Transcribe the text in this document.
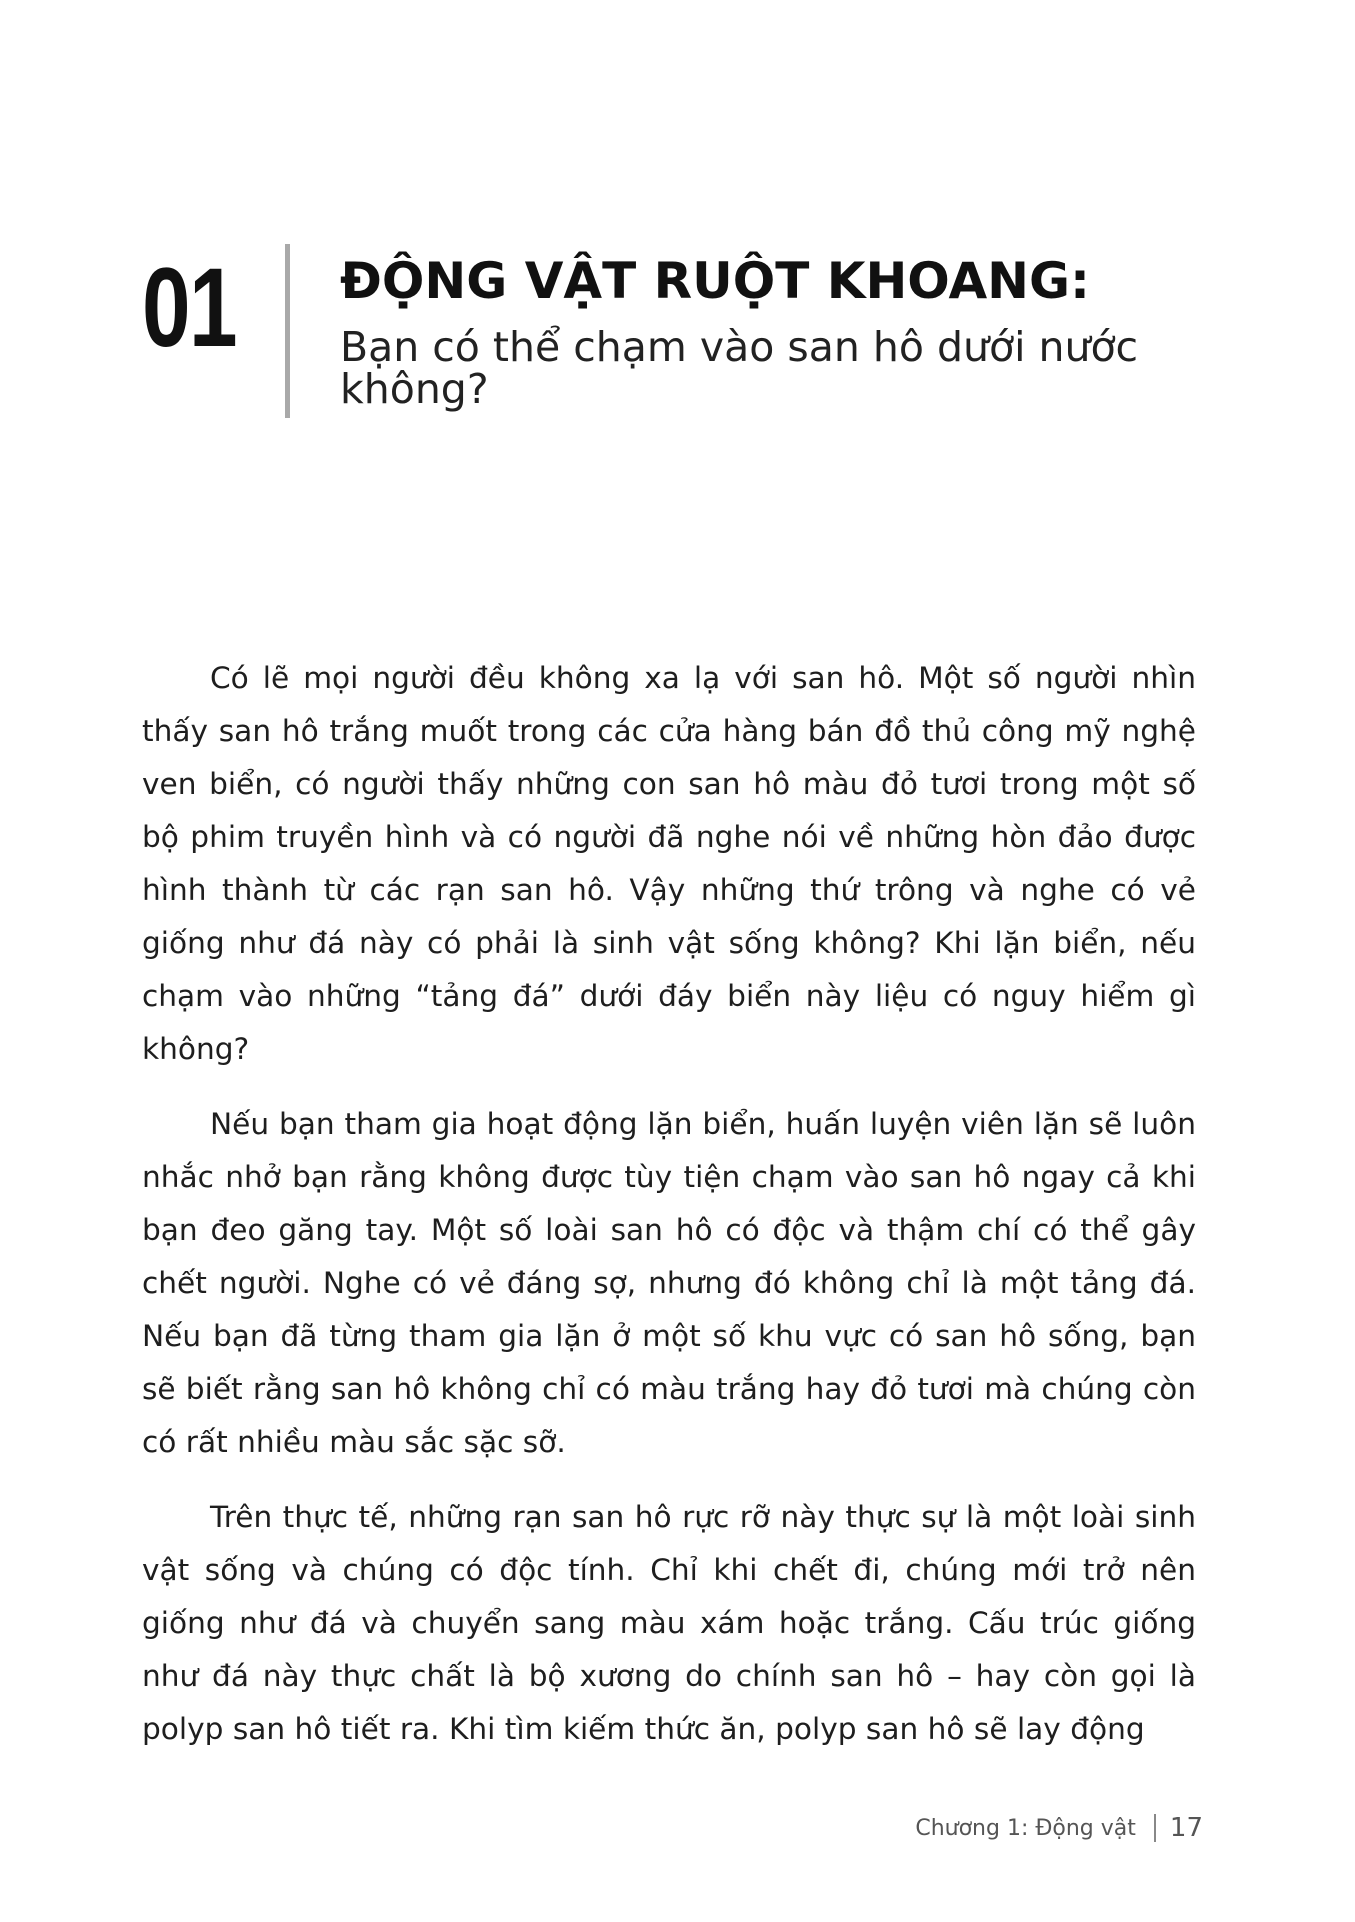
01 ĐỘNG VẬT RUỘT KHOANG:

Bạn có thể chạm vào san hô dưới nước không?

Có lẽ mọi người đều không xa lạ với san hô. Một số người nhìn thấy san hô trắng muốt trong các cửa hàng bán đồ thủ công mỹ nghệ ven biển, có người thấy những con san hô màu đỏ tươi trong một số bộ phim truyền hình và có người đã nghe nói về những hòn đảo được hình thành từ các rạn san hô. Vậy những thứ trông và nghe có vẻ giống như đá này có phải là sinh vật sống không? Khi lặn biển, nếu chạm vào những “tảng đá” dưới đáy biển này liệu có nguy hiểm gì không?

Nếu bạn tham gia hoạt động lặn biển, huấn luyện viên lặn sẽ luôn nhắc nhở bạn rằng không được tùy tiện chạm vào san hô ngay cả khi bạn đeo găng tay. Một số loài san hô có độc và thậm chí có thể gây chết người. Nghe có vẻ đáng sợ, nhưng đó không chỉ là một tảng đá. Nếu bạn đã từng tham gia lặn ở một số khu vực có san hô sống, bạn sẽ biết rằng san hô không chỉ có màu trắng hay đỏ tươi mà chúng còn có rất nhiều màu sắc sặc sỡ.

Trên thực tế, những rạn san hô rực rỡ này thực sự là một loài sinh vật sống và chúng có độc tính. Chỉ khi chết đi, chúng mới trở nên giống như đá và chuyển sang màu xám hoặc trắng. Cấu trúc giống như đá này thực chất là bộ xương do chính san hô – hay còn gọi là polyp san hô tiết ra. Khi tìm kiếm thức ăn, polyp san hô sẽ lay động

Chương 1: Động vật 17
